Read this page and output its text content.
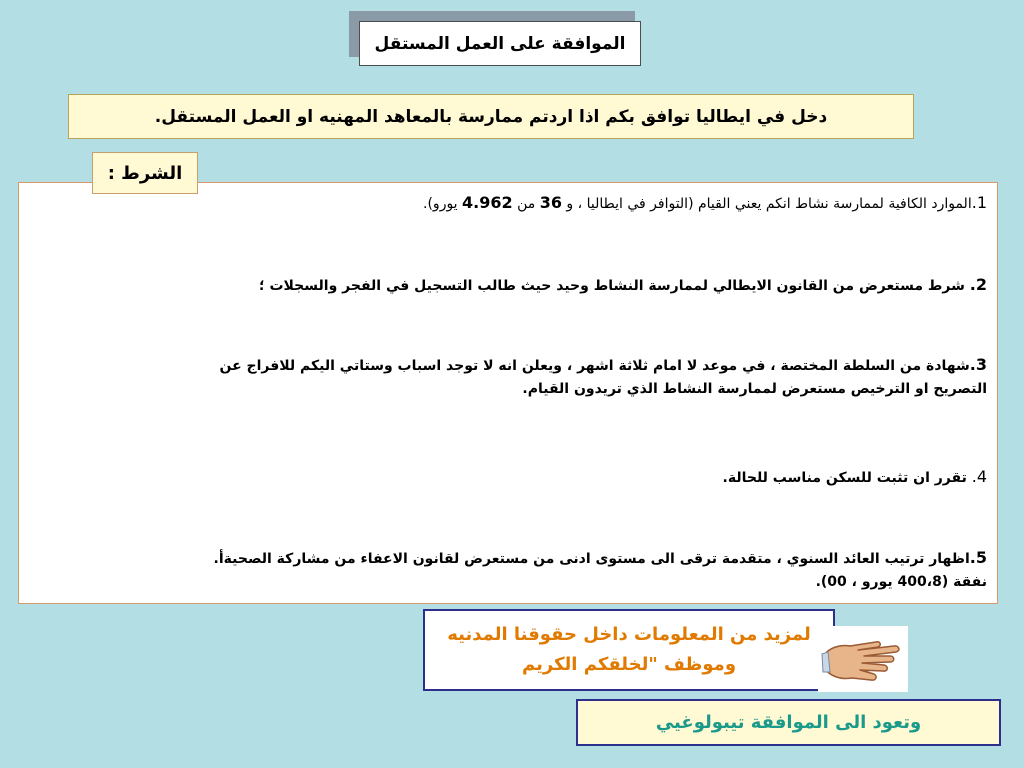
الموافقة على العمل المستقل
دخل في ايطاليا توافق بكم اذا اردتم ممارسة بالمعاهد المهنيه او العمل المستقل.
1.الموارد الكافية لممارسة نشاط انكم يعني القيام (التوافر في ايطاليا ، و 36 من 4.962 يورو).
2. شرط مستعرض من القانون الايطالي لممارسة النشاط وحيد حيث طالب التسجيل في الفجر والسجلات ؛
3.شهادة من السلطة المختصة ، في موعد لا امام ثلاثة اشهر ، ويعلن انه لا توجد اسباب وستاتي اليكم للافراج عن
التصريح او الترخيص مستعرض لممارسة النشاط الذي تريدون القيام.
4. تقرر ان تثبت للسكن مناسب للحالة.
5.اظهار ترتيب العائد السنوي ، متقدمة ترقى الى مستوى ادنى من مستعرض لقانون الاعفاء من مشاركة الصحيةأ.
نفقة (400،8 يورو ، 00).
الشرط :
لمزيد من المعلومات داخل حقوقنا المدنيه
وموظف "لخلقكم الكريم
وتعود الى الموافقة تيبولوغيي
